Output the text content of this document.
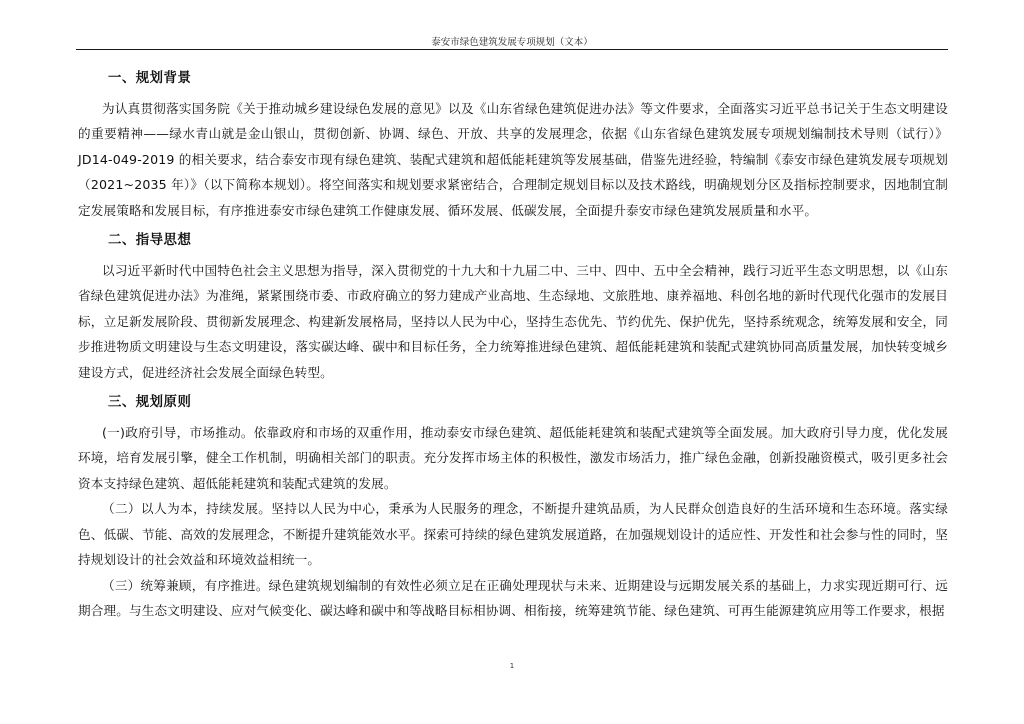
泰安市绿色建筑发展专项规划（文本）
一、规划背景

为认真贯彻落实国务院《关于推动城乡建设绿色发展的意见》以及《山东省绿色建筑促进办法》等文件要求，全面落实习近平总书记关于生态文明建设的重要精神——绿水青山就是金山银山，贯彻创新、协调、绿色、开放、共享的发展理念，依据《山东省绿色建筑发展专项规划编制技术导则（试行）》JD14-049-2019 的相关要求，结合泰安市现有绿色建筑、装配式建筑和超低能耗建筑等发展基础，借鉴先进经验，特编制《泰安市绿色建筑发展专项规划（2021~2035 年）》（以下简称本规划）。将空间落实和规划要求紧密结合，合理制定规划目标以及技术路线，明确规划分区及指标控制要求，因地制宜制定发展策略和发展目标，有序推进泰安市绿色建筑工作健康发展、循环发展、低碳发展，全面提升泰安市绿色建筑发展质量和水平。

二、指导思想

以习近平新时代中国特色社会主义思想为指导，深入贯彻党的十九大和十九届二中、三中、四中、五中全会精神，践行习近平生态文明思想，以《山东省绿色建筑促进办法》为准绳，紧紧围绕市委、市政府确立的努力建成产业高地、生态绿地、文旅胜地、康养福地、科创名地的新时代现代化强市的发展目标，立足新发展阶段、贯彻新发展理念、构建新发展格局，坚持以人民为中心，坚持生态优先、节约优先、保护优先，坚持系统观念，统筹发展和安全，同步推进物质文明建设与生态文明建设，落实碳达峰、碳中和目标任务，全力统筹推进绿色建筑、超低能耗建筑和装配式建筑协同高质量发展，加快转变城乡建设方式，促进经济社会发展全面绿色转型。

三、规划原则

(一)政府引导，市场推动。依靠政府和市场的双重作用，推动泰安市绿色建筑、超低能耗建筑和装配式建筑等全面发展。加大政府引导力度，优化发展环境，培育发展引擎，健全工作机制，明确相关部门的职责。充分发挥市场主体的积极性，激发市场活力，推广绿色金融，创新投融资模式，吸引更多社会资本支持绿色建筑、超低能耗建筑和装配式建筑的发展。

（二）以人为本，持续发展。坚持以人民为中心，秉承为人民服务的理念，不断提升建筑品质，为人民群众创造良好的生活环境和生态环境。落实绿色、低碳、节能、高效的发展理念，不断提升建筑能效水平。探索可持续的绿色建筑发展道路，在加强规划设计的适应性、开发性和社会参与性的同时，坚持规划设计的社会效益和环境效益相统一。

（三）统筹兼顾，有序推进。绿色建筑规划编制的有效性必须立足在正确处理现状与未来、近期建设与远期发展关系的基础上，力求实现近期可行、远期合理。与生态文明建设、应对气候变化、碳达峰和碳中和等战略目标相协调、相衔接，统筹建筑节能、绿色建筑、可再生能源建筑应用等工作要求，根据

1
